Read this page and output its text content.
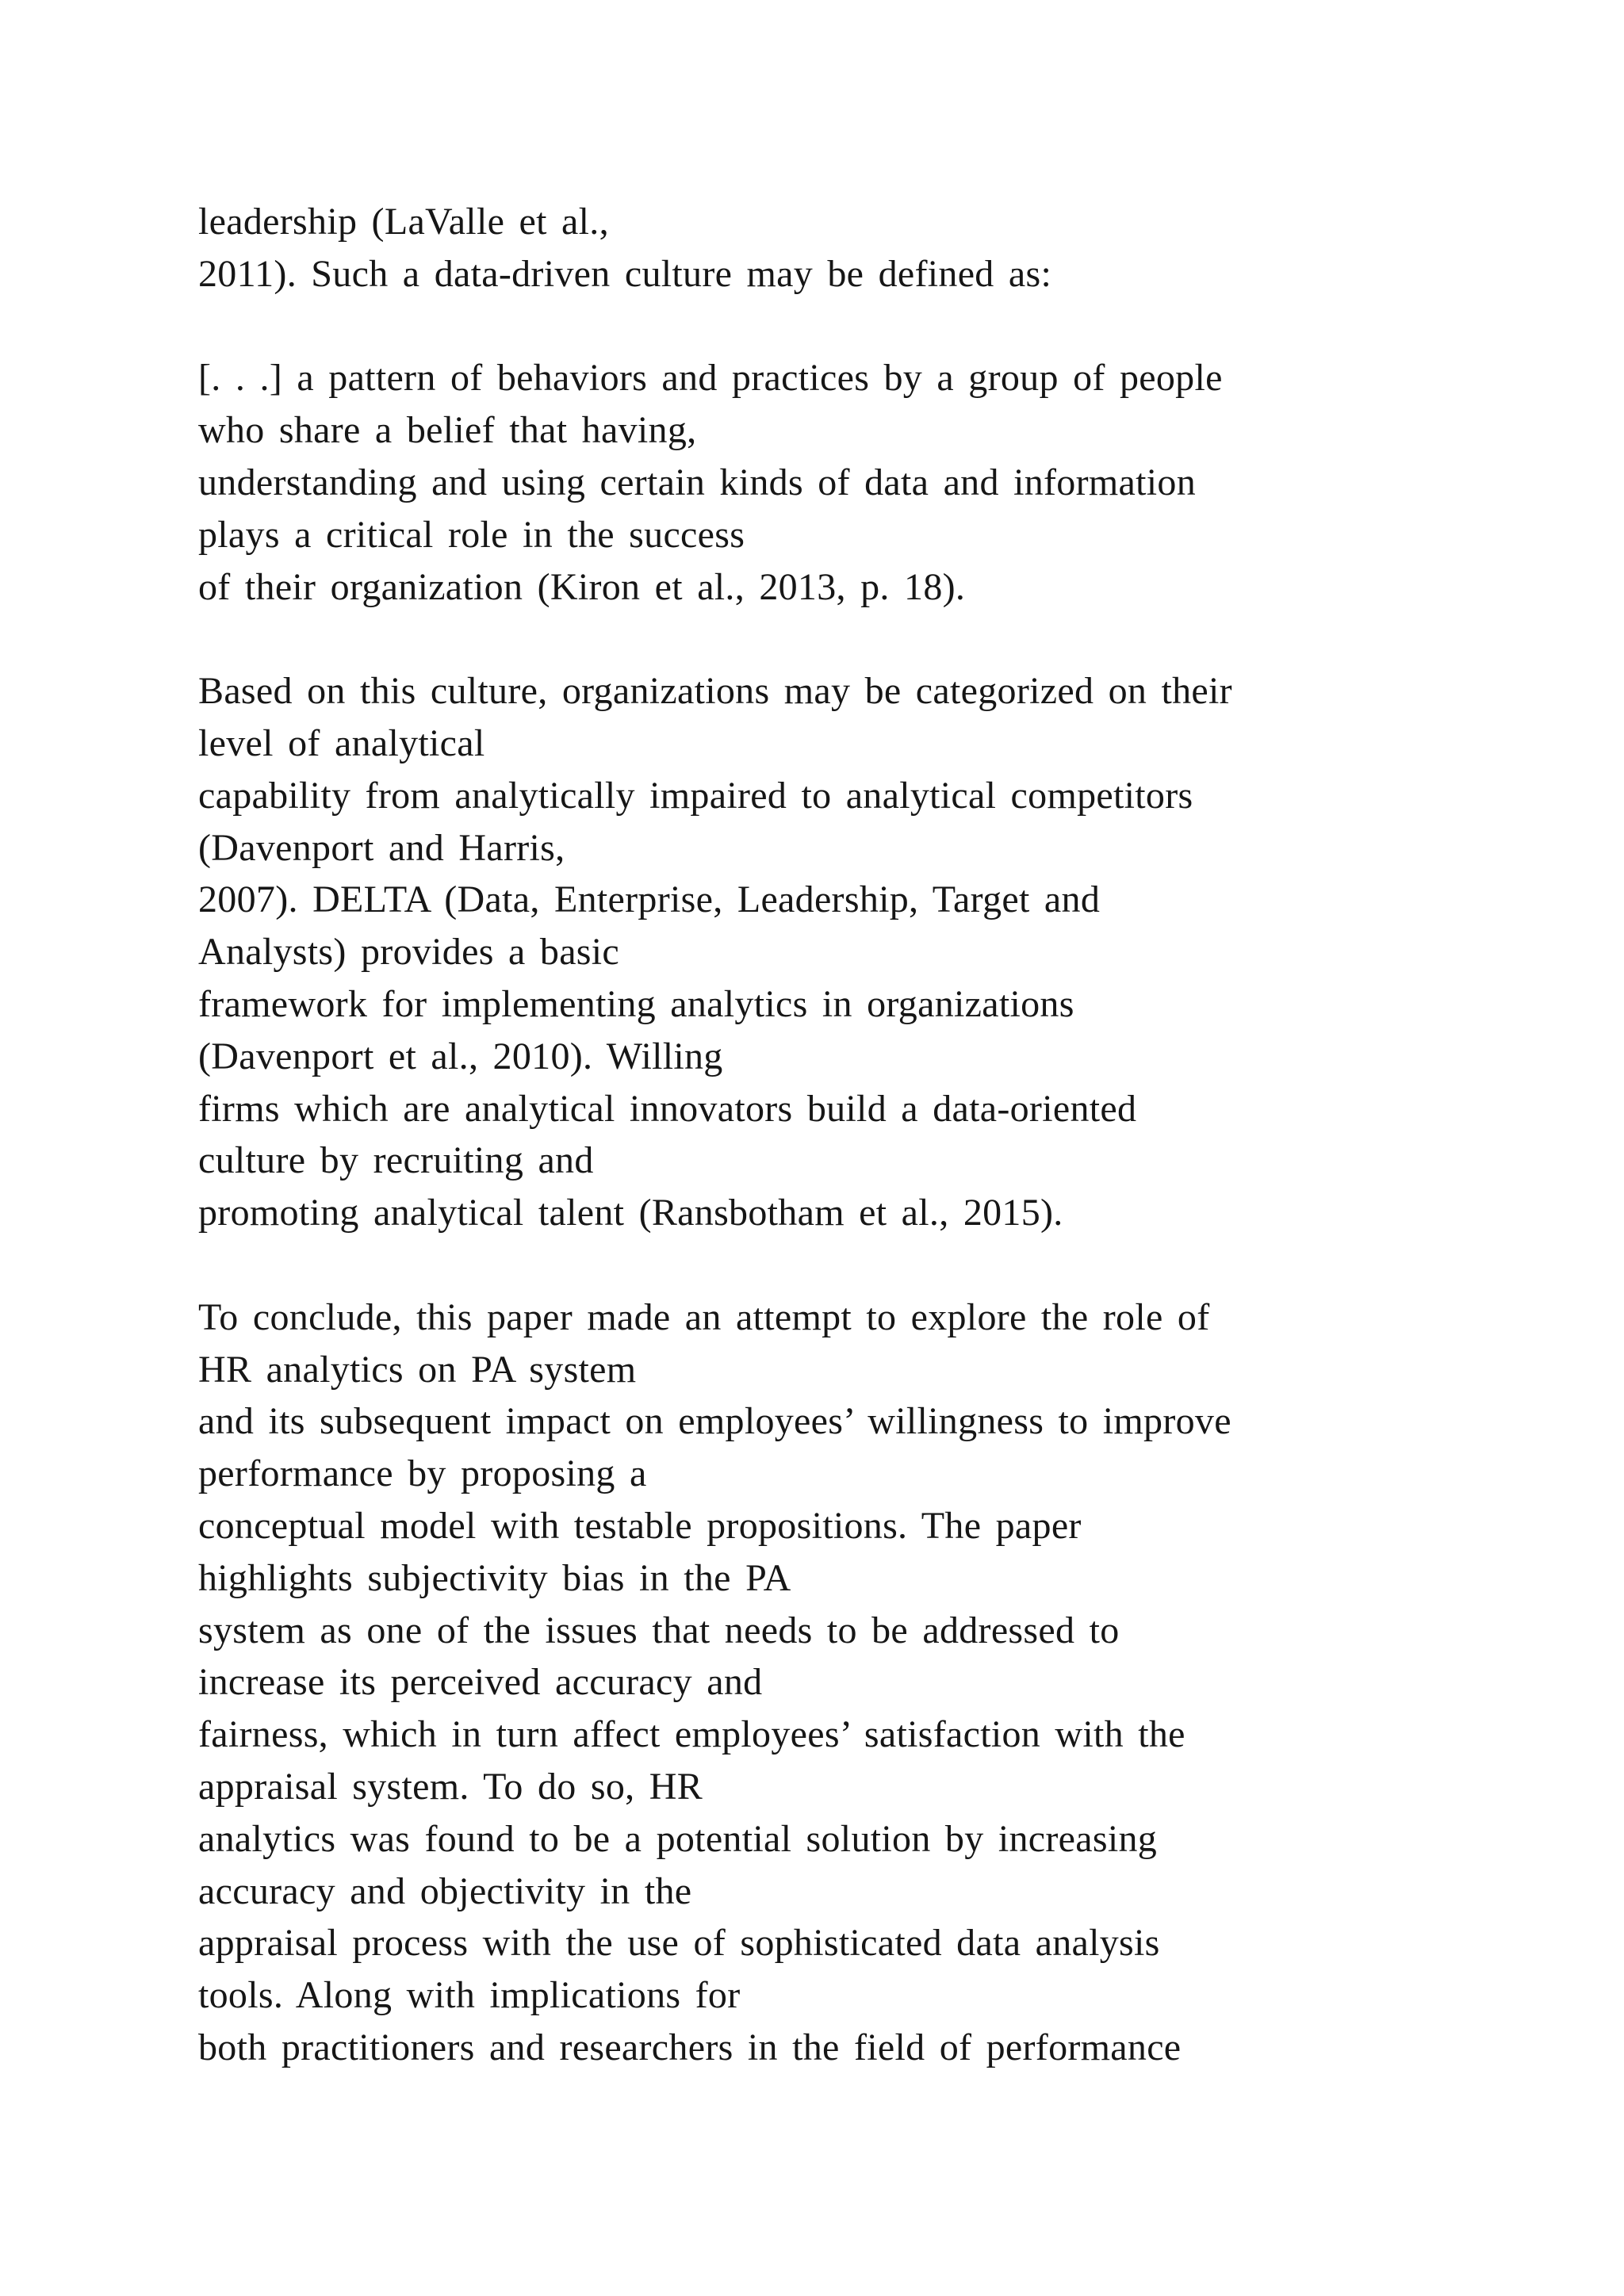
leadership (LaValle et al.,
2011). Such a data-driven culture may be defined as:
[. . .] a pattern of behaviors and practices by a group of people
who share a belief that having,
understanding and using certain kinds of data and information
plays a critical role in the success
of their organization (Kiron et al., 2013, p. 18).
Based on this culture, organizations may be categorized on their
level of analytical
capability from analytically impaired to analytical competitors
(Davenport and Harris,
2007). DELTA (Data, Enterprise, Leadership, Target and
Analysts) provides a basic
framework for implementing analytics in organizations
(Davenport et al., 2010). Willing
firms which are analytical innovators build a data-oriented
culture by recruiting and
promoting analytical talent (Ransbotham et al., 2015).
To conclude, this paper made an attempt to explore the role of
HR analytics on PA system
and its subsequent impact on employees’ willingness to improve
performance by proposing a
conceptual model with testable propositions. The paper
highlights subjectivity bias in the PA
system as one of the issues that needs to be addressed to
increase its perceived accuracy and
fairness, which in turn affect employees’ satisfaction with the
appraisal system. To do so, HR
analytics was found to be a potential solution by increasing
accuracy and objectivity in the
appraisal process with the use of sophisticated data analysis
tools. Along with implications for
both practitioners and researchers in the field of performance
